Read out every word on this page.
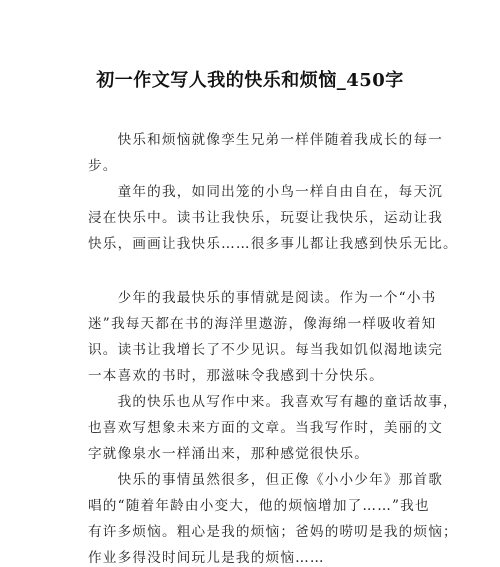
初一作文写人我的快乐和烦恼_450字
　　快乐和烦恼就像孪生兄弟一样伴随着我成长的每一
步。
　　童年的我，如同出笼的小鸟一样自由自在，每天沉
浸在快乐中。读书让我快乐，玩耍让我快乐，运动让我
快乐，画画让我快乐……很多事儿都让我感到快乐无比。
　　少年的我最快乐的事情就是阅读。作为一个“小书
迷”我每天都在书的海洋里遨游，像海绵一样吸收着知
识。读书让我增长了不少见识。每当我如饥似渴地读完
一本喜欢的书时，那滋味令我感到十分快乐。
　　我的快乐也从写作中来。我喜欢写有趣的童话故事，
也喜欢写想象未来方面的文章。当我写作时，美丽的文
字就像泉水一样涌出来，那种感觉很快乐。
　　快乐的事情虽然很多，但正像《小小少年》那首歌
唱的“随着年龄由小变大，他的烦恼增加了……”我也
有许多烦恼。粗心是我的烦恼；爸妈的唠叨是我的烦恼；
作业多得没时间玩儿是我的烦恼……
